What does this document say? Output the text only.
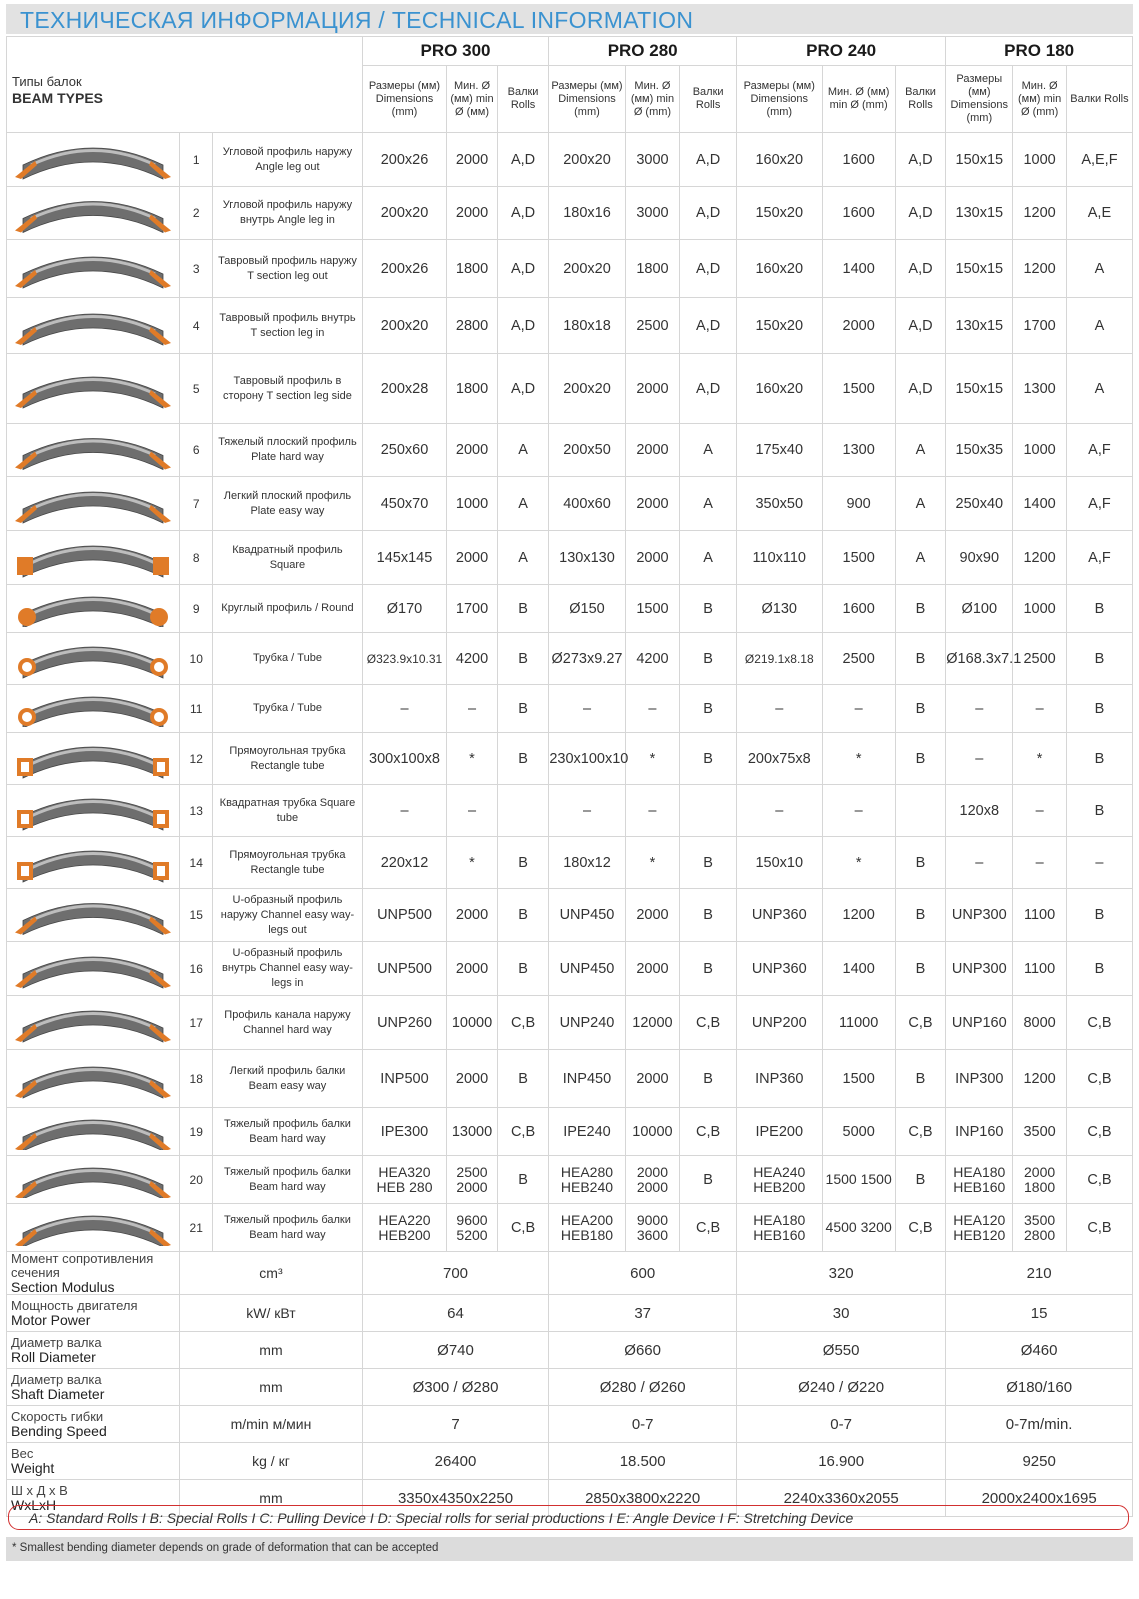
ТЕХНИЧЕСКАЯ ИНФОРМАЦИЯ / TECHNICAL INFORMATION
Типы балок
BEAM TYPES			PRO 300			PRO 280			PRO 240			PRO 180		
			Размеры (мм) Dimensions (mm)	Мин. Ø (мм) min Ø (мм)	Валки Rolls	Размеры (мм) Dimensions (mm)	Мин. Ø (мм) min Ø (mm)	Валки Rolls	Размеры (мм) Dimensions (mm)	Мин. Ø (мм) min Ø (mm)	Валки Rolls	Размеры (мм) Dimensions (mm)	Мин. Ø (мм) min Ø (mm)	Валки Rolls
	1	Угловой профиль наружу Angle leg out	200x26	2000	A,D	200x20	3000	A,D	160x20	1600	A,D	150x15	1000	A,E,F
	2	Угловой профиль наружу внутрь Angle leg in	200x20	2000	A,D	180x16	3000	A,D	150x20	1600	A,D	130x15	1200	A,E
	3	Тавровый профиль наружу T section leg out	200x26	1800	A,D	200x20	1800	A,D	160x20	1400	A,D	150x15	1200	A
	4	Тавровый профиль внутрь T section leg in	200x20	2800	A,D	180x18	2500	A,D	150x20	2000	A,D	130x15	1700	A
	5	Тавровый профиль в сторону T section leg side	200x28	1800	A,D	200x20	2000	A,D	160x20	1500	A,D	150x15	1300	A
	6	Тяжелый плоский профиль Plate hard way	250x60	2000	A	200x50	2000	A	175x40	1300	A	150x35	1000	A,F
	7	Легкий плоский профиль Plate easy way	450x70	1000	A	400x60	2000	A	350x50	900	A	250x40	1400	A,F
	8	Квадратный профиль Square	145x145	2000	A	130x130	2000	A	110x110	1500	A	90x90	1200	A,F
	9	Круглый профиль / Round	Ø170	1700	B	Ø150	1500	B	Ø130	1600	B	Ø100	1000	B
	10	Трубка / Tube	Ø323.9x10.31	4200	B	Ø273x9.27	4200	B	Ø219.1x8.18	2500	B	Ø168.3x7.1	2500	B
	11	Трубка / Tube	–	–	B	–	–	B	–	–	B	–	–	B
	12	Прямоугольная трубка Rectangle tube	300x100x8	*	B	230x100x10	*	B	200x75x8	*	B	–	*	B
	13	Квадратная трубка Square tube	–	–		–	–		–	–		120x8	–	B
	14	Прямоугольная трубка Rectangle tube	220x12	*	B	180x12	*	B	150x10	*	B	–	–	–
	15	U-образный профиль наружу Channel easy way-legs out	UNP500	2000	B	UNP450	2000	B	UNP360	1200	B	UNP300	1100	B
	16	U-образный профиль внутрь Channel easy way-legs in	UNP500	2000	B	UNP450	2000	B	UNP360	1400	B	UNP300	1100	B
	17	Профиль канала наружу Channel hard way	UNP260	10000	C,B	UNP240	12000	C,B	UNP200	11000	C,B	UNP160	8000	C,B
	18	Легкий профиль балки Beam easy way	INP500	2000	B	INP450	2000	B	INP360	1500	B	INP300	1200	C,B
	19	Тяжелый профиль балки Beam hard way	IPE300	13000	C,B	IPE240	10000	C,B	IPE200	5000	C,B	INP160	3500	C,B
	20	Тяжелый профиль балки Beam hard way	HEA320 HEB 280	2500 2000	B	HEA280 HEB240	2000 2000	B	HEA240 HEB200	1500 1500	B	HEA180 HEB160	2000 1800	C,B
	21	Тяжелый профиль балки Beam hard way	HEA220 HEB200	9600 5200	C,B	HEA200 HEB180	9000 3600	C,B	HEA180 HEB160	4500 3200	C,B	HEA120 HEB120	3500 2800	C,B

Момент сопротивления сечения
Section Modulus	cm³		700			600			320			210		

Мощность двигателя
Motor Power	kW/ кВт		64			37			30			15		

Диаметр валка
Roll Diameter	mm		Ø740			Ø660			Ø550			Ø460		

Диаметр валка
Shaft Diameter	mm		Ø300 / Ø280			Ø280 / Ø260			Ø240 / Ø220			Ø180/160		

Скорость гибки
Bending Speed	m/min м/мин		7			0-7			0-7			0-7m/min.		

Вес
Weight	kg / кг		26400			18.500			16.900			9250		

Ш х Д х В
WxLxH	mm		3350x4350x2250			2850x3800x2220			2240x3360x2055			2000x2400x1695		
A: Standard Rolls I B: Special Rolls I C: Pulling Device I D: Special rolls for serial productions I E: Angle Device I F: Stretching Device
* Smallest bending diameter depends on grade of deformation that can be accepted
